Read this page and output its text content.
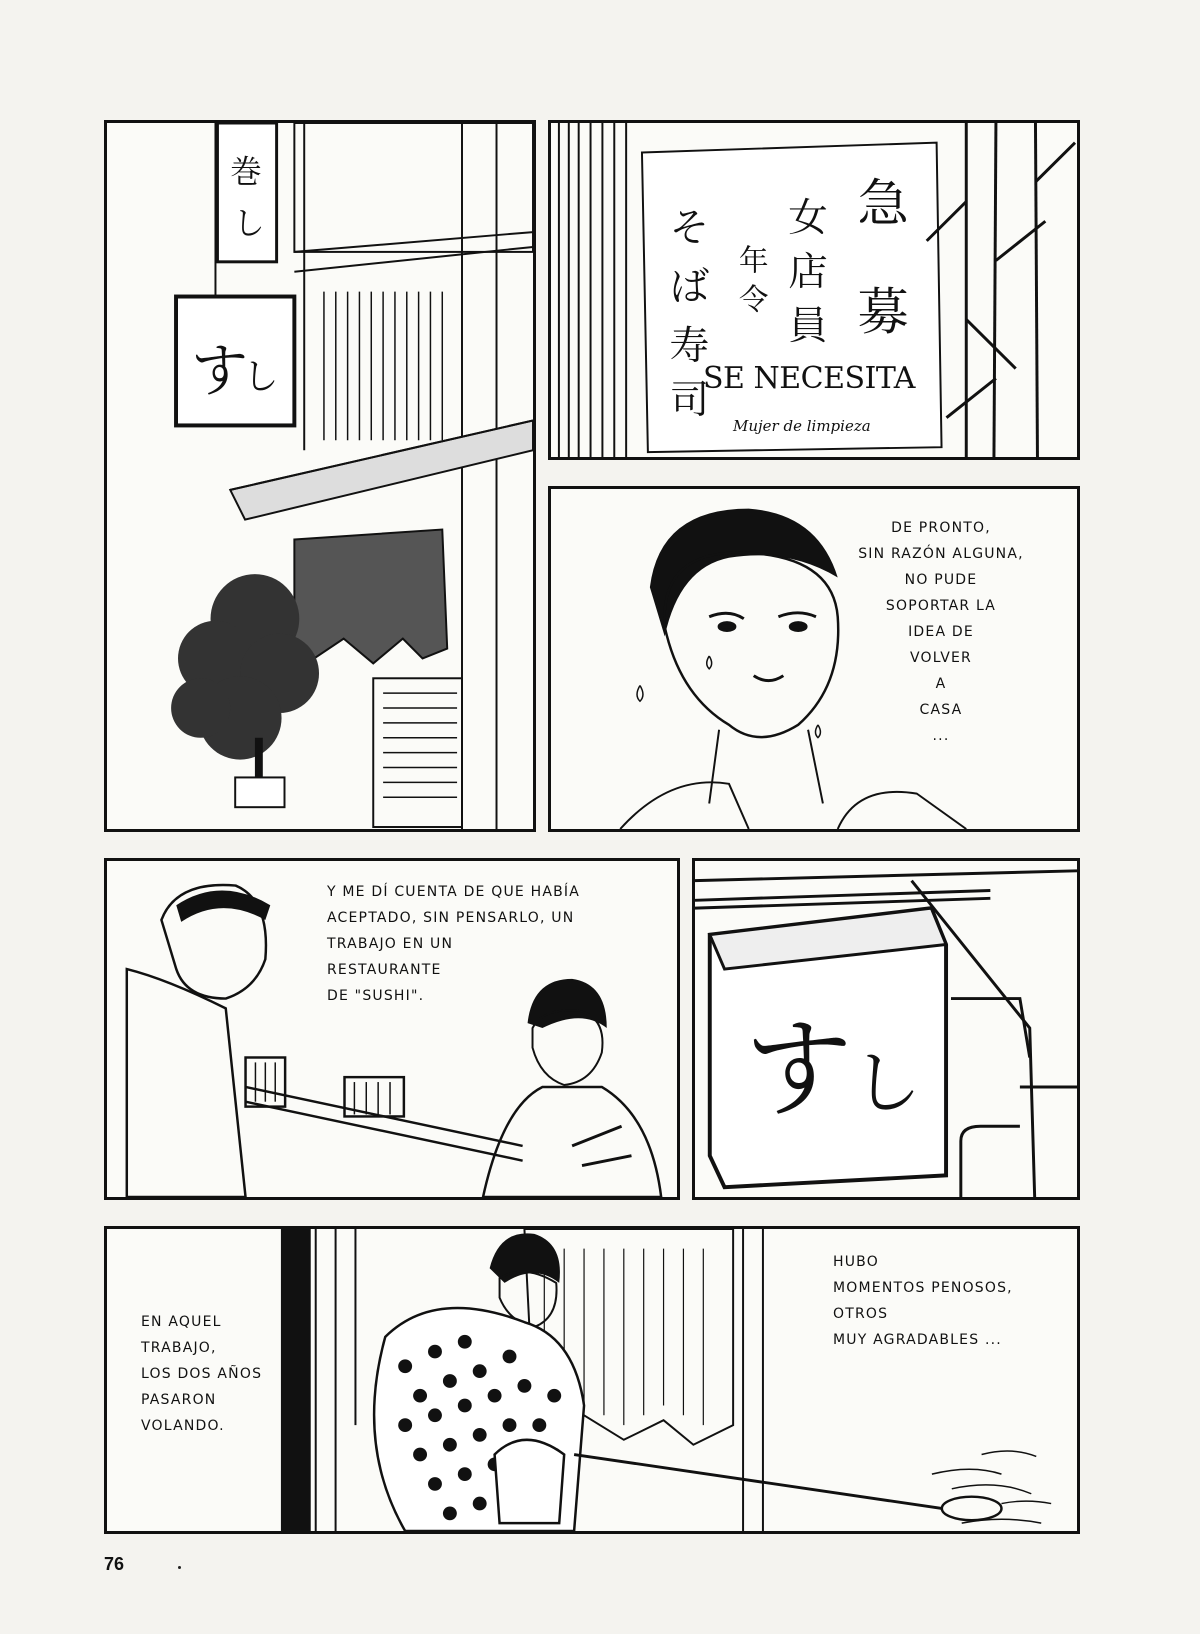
巻
し
す
し
急
募
女
店
員
年
令
そ
ば
寿
司
SE NECESITA
Mujer de limpieza
DE PRONTO,
SIN RAZÓN ALGUNA,
NO PUDE
SOPORTAR LA
IDEA DE
VOLVER
A
CASA
...
Y ME DÍ CUENTA DE QUE HABÍA
ACEPTADO, SIN PENSARLO, UN
TRABAJO EN UN
RESTAURANTE
DE "SUSHI".
す し
EN AQUEL
TRABAJO,
LOS DOS AÑOS
PASARON
VOLANDO.
HUBO
MOMENTOS PENOSOS,
OTROS
MUY AGRADABLES ...
76
